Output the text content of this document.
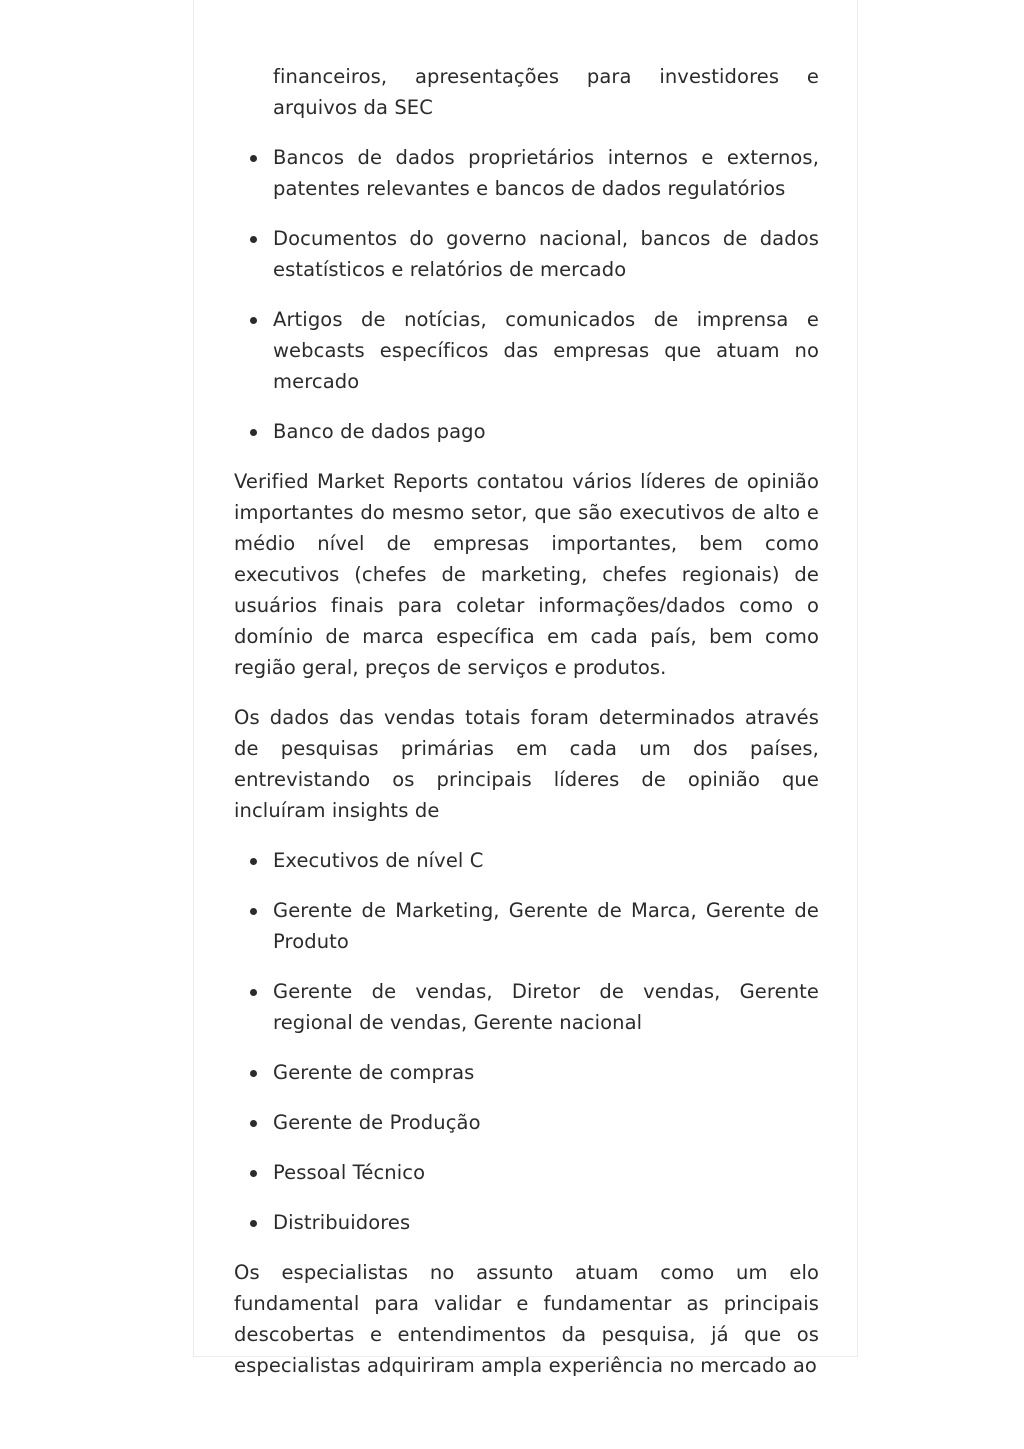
financeiros, apresentações para investidores e arquivos da SEC
Bancos de dados proprietários internos e externos, patentes relevantes e bancos de dados regulatórios
Documentos do governo nacional, bancos de dados estatísticos e relatórios de mercado
Artigos de notícias, comunicados de imprensa e webcasts específicos das empresas que atuam no mercado
Banco de dados pago

Verified Market Reports contatou vários líderes de opinião importantes do mesmo setor, que são executivos de alto e médio nível de empresas importantes, bem como executivos (chefes de marketing, chefes regionais) de usuários finais para coletar informações/dados como o domínio de marca específica em cada país, bem como região geral, preços de serviços e produtos.

Os dados das vendas totais foram determinados através de pesquisas primárias em cada um dos países, entrevistando os principais líderes de opinião que incluíram insights de

Executivos de nível C
Gerente de Marketing, Gerente de Marca, Gerente de Produto
Gerente de vendas, Diretor de vendas, Gerente regional de vendas, Gerente nacional
Gerente de compras
Gerente de Produção
Pessoal Técnico
Distribuidores

Os especialistas no assunto atuam como um elo fundamental para validar e fundamentar as principais descobertas e entendimentos da pesquisa, já que os especialistas adquiriram ampla experiência no mercado ao
